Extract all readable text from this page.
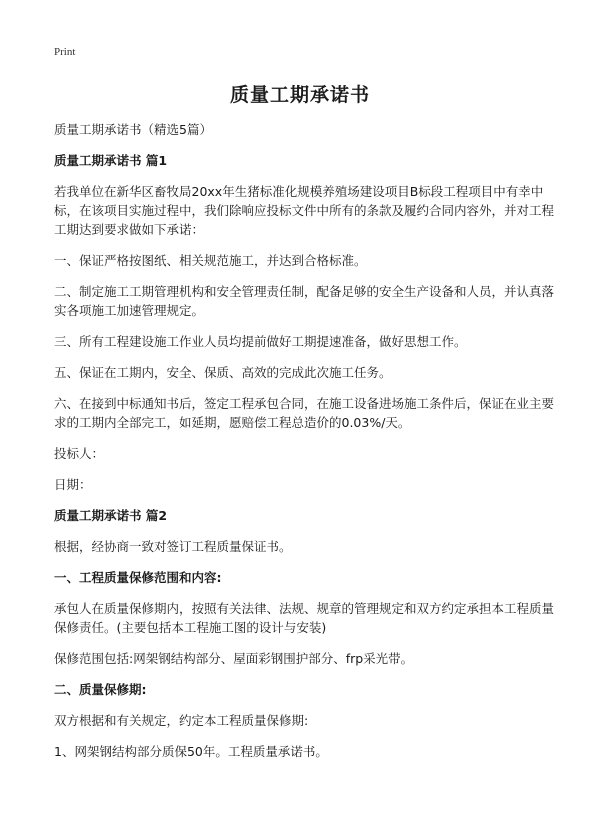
Print
质量工期承诺书
质量工期承诺书（精选5篇）
质量工期承诺书 篇1
若我单位在新华区畜牧局20xx年生猪标准化规模养殖场建设项目B标段工程项目中有幸中标，在该项目实施过程中，我们除响应投标文件中所有的条款及履约合同内容外，并对工程工期达到要求做如下承诺：
一、保证严格按图纸、相关规范施工，并达到合格标准。
二、制定施工工期管理机构和安全管理责任制，配备足够的安全生产设备和人员，并认真落实各项施工加速管理规定。
三、所有工程建设施工作业人员均提前做好工期提速准备，做好思想工作。
五、保证在工期内，安全、保质、高效的完成此次施工任务。
六、在接到中标通知书后，签定工程承包合同，在施工设备进场施工条件后，保证在业主要求的工期内全部完工，如延期，愿赔偿工程总造价的0.03%/天。
投标人：
日期：
质量工期承诺书 篇2
根据，经协商一致对签订工程质量保证书。
一、工程质量保修范围和内容:
承包人在质量保修期内，按照有关法律、法规、规章的管理规定和双方约定承担本工程质量保修责任。(主要包括本工程施工图的设计与安装)
保修范围包括:网架钢结构部分、屋面彩钢围护部分、frp采光带。
二、质量保修期:
双方根据和有关规定，约定本工程质量保修期:
1、网架钢结构部分质保50年。工程质量承诺书。
